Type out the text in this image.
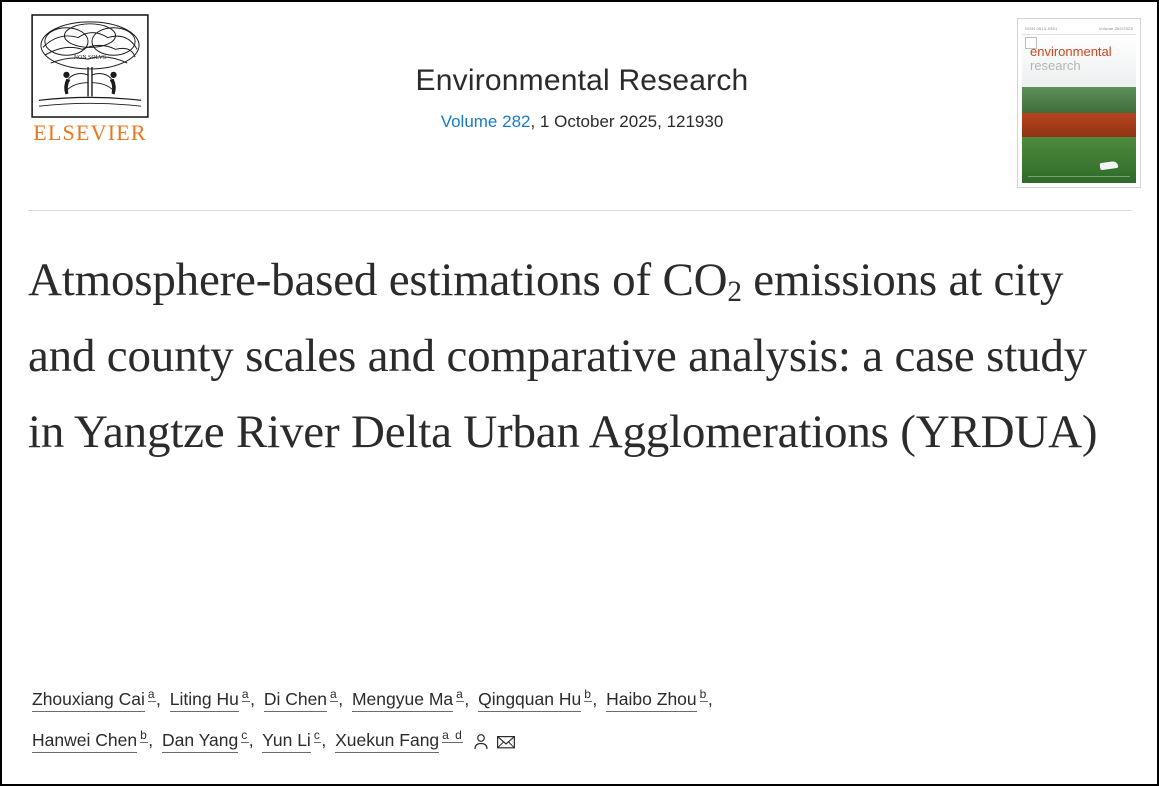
NON SOLVS
ELSEVIER
Environmental Research
Volume 282, 1 October 2025, 121930
ISSN 0013-9351	Volume 282/2025
environmental
research
Atmosphere-based estimations of $CO_2$ emissions at city and county scales and comparative analysis: a case study in Yangtze River Delta Urban Agglomerations (YRDUA)
Zhouxiang Cai $^a$, Liting Hu $^a$, Di Chen $^a$, Mengyue Ma $^a$, Qingquan Hu $^b$, Haibo Zhou $^b$,
Hanwei Chen $^b$, Dan Yang $^c$, Yun Li $^c$, Xuekun Fang $^{a d}$
